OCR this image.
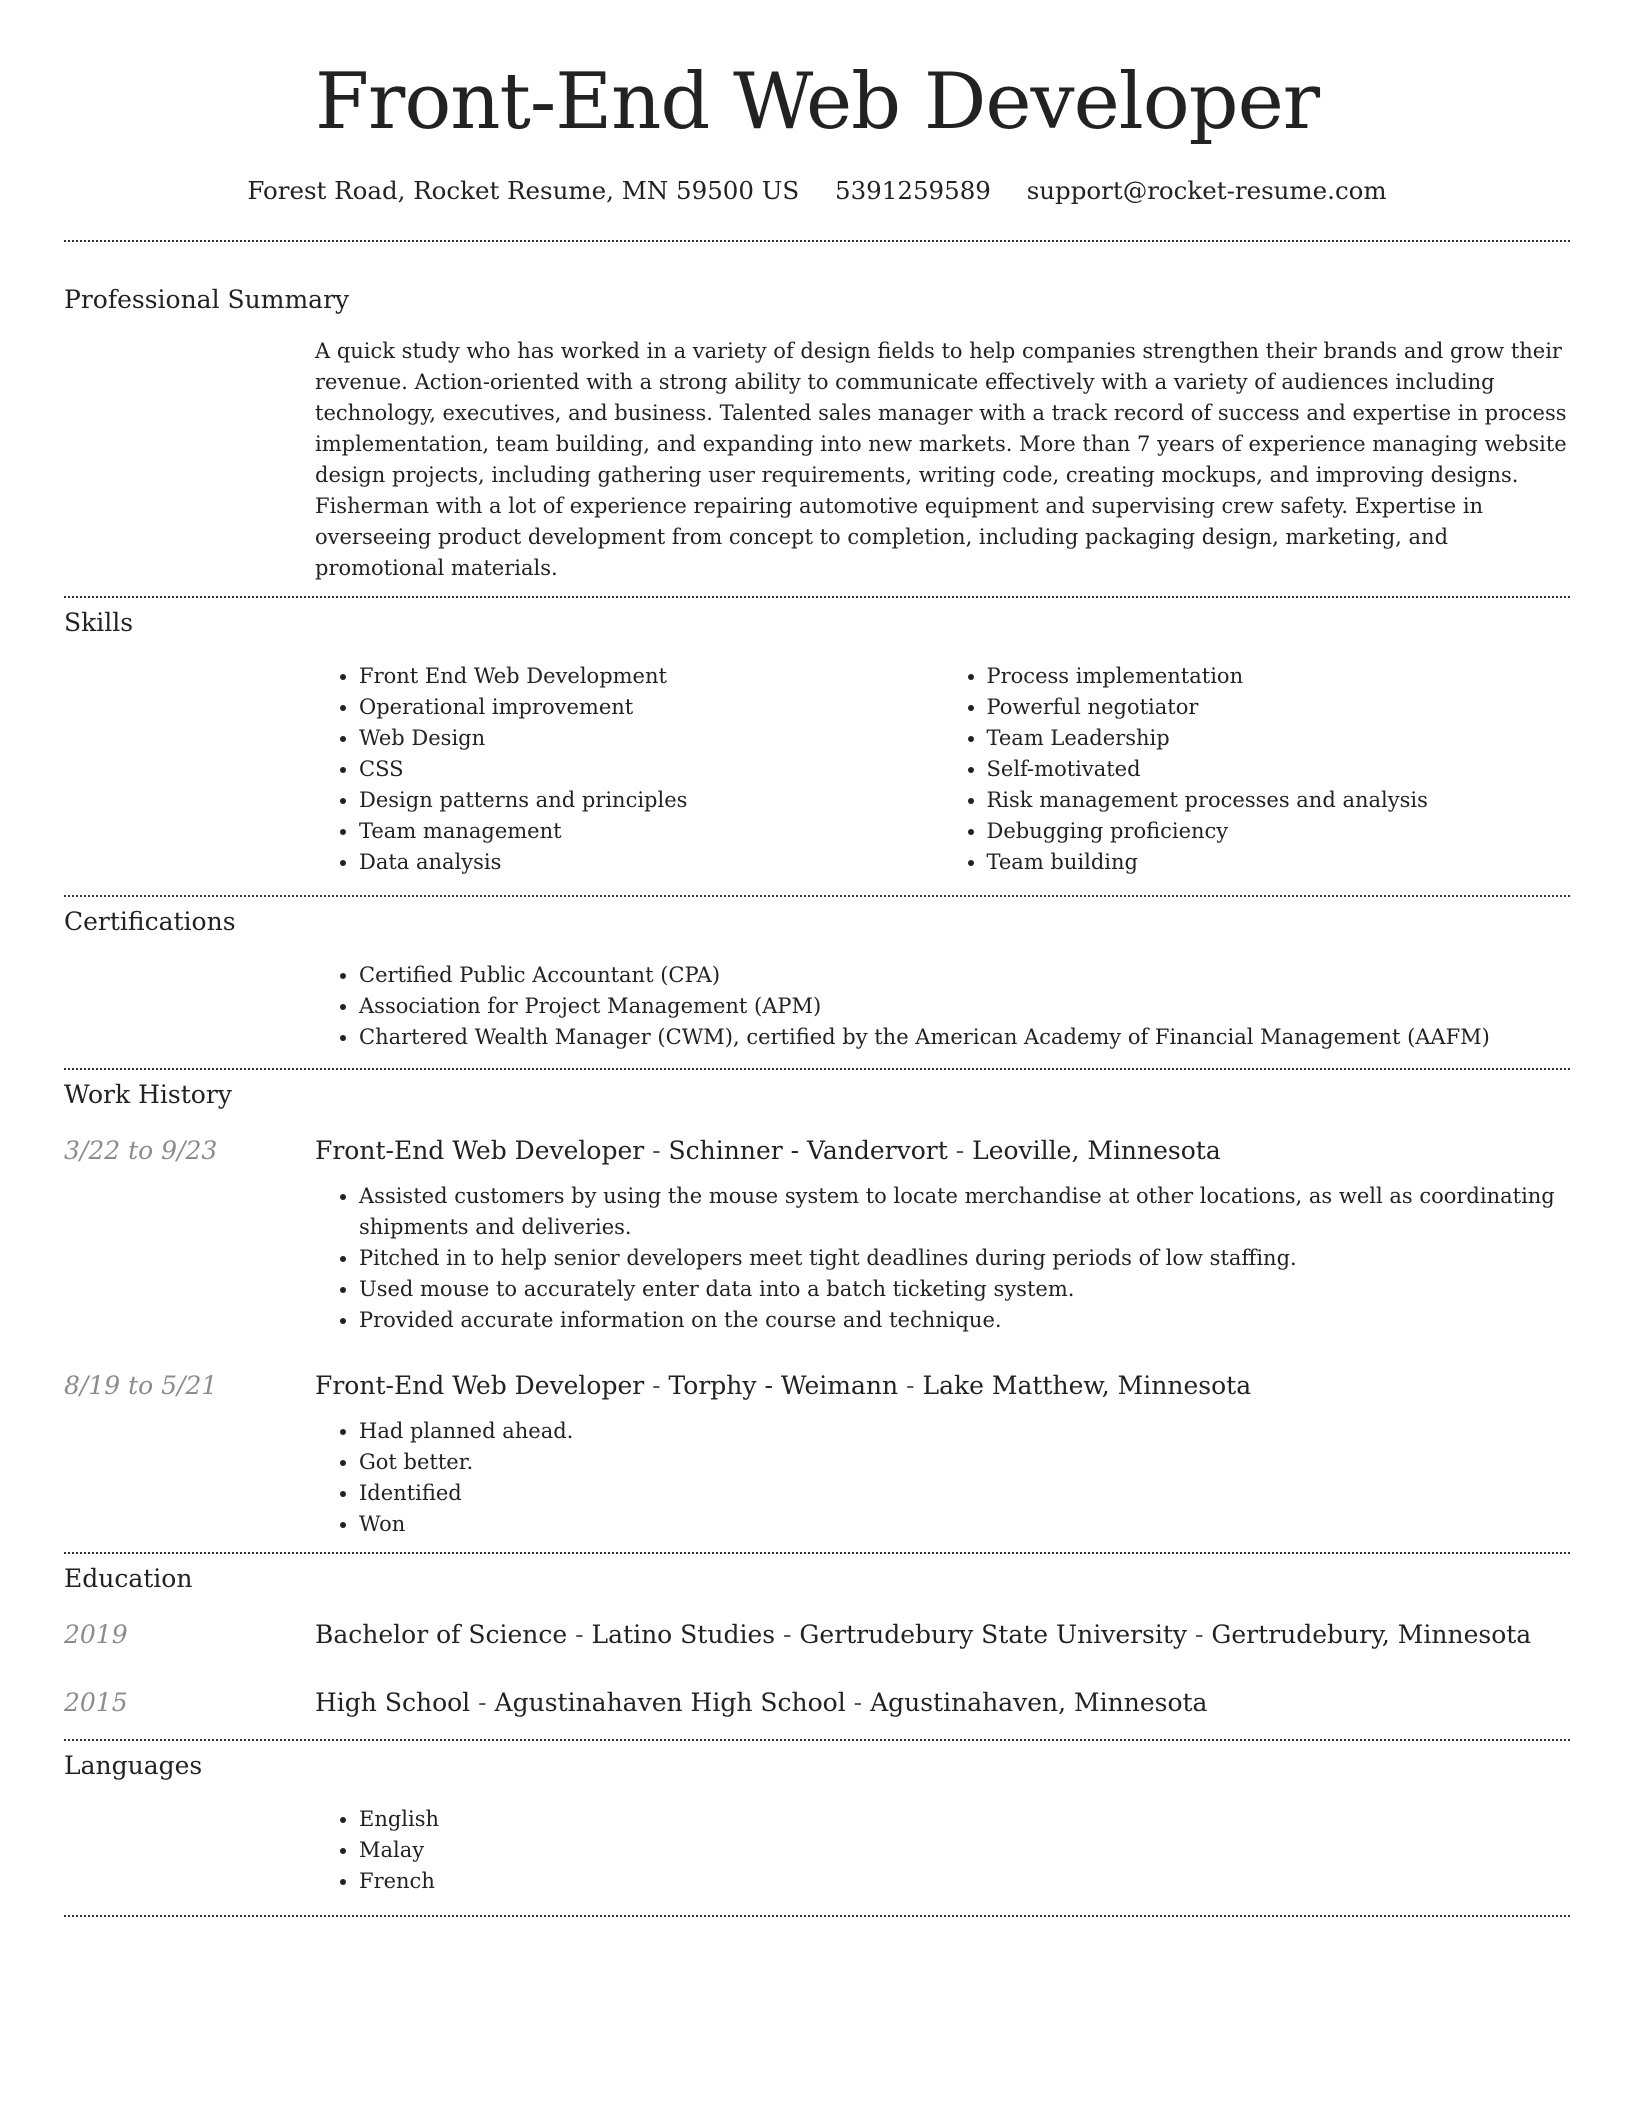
Front-End Web Developer
Forest Road, Rocket Resume, MN 59500 US 5391259589 support@rocket-resume.com
Professional Summary

A quick study who has worked in a variety of design fields to help companies strengthen their brands and grow their revenue. Action-oriented with a strong ability to communicate effectively with a variety of audiences including technology, executives, and business. Talented sales manager with a track record of success and expertise in process implementation, team building, and expanding into new markets. More than 7 years of experience managing website design projects, including gathering user requirements, writing code, creating mockups, and improving designs. Fisherman with a lot of experience repairing automotive equipment and supervising crew safety. Expertise in overseeing product development from concept to completion, including packaging design, marketing, and promotional materials.

Skills
• Front End Web Development
• Operational improvement
• Web Design
• CSS
• Design patterns and principles
• Team management
• Data analysis
• Process implementation
• Powerful negotiator
• Team Leadership
• Self-motivated
• Risk management processes and analysis
• Debugging proficiency
• Team building
Certifications
• Certified Public Accountant (CPA)
• Association for Project Management (APM)
• Chartered Wealth Manager (CWM), certified by the American Academy of Financial Management (AAFM)
Work History
3/22 to 9/23	Front-End Web Developer - Schinner - Vandervort - Leoville, Minnesota
• Assisted customers by using the mouse system to locate merchandise at other locations, as well as coordinating shipments and deliveries.
• Pitched in to help senior developers meet tight deadlines during periods of low staffing.
• Used mouse to accurately enter data into a batch ticketing system.
• Provided accurate information on the course and technique.
8/19 to 5/21	Front-End Web Developer - Torphy - Weimann - Lake Matthew, Minnesota
• Had planned ahead.
• Got better.
• Identified
• Won
Education
2019	Bachelor of Science - Latino Studies - Gertrudebury State University - Gertrudebury, Minnesota
2015	High School - Agustinahaven High School - Agustinahaven, Minnesota
Languages
• English
• Malay
• French
